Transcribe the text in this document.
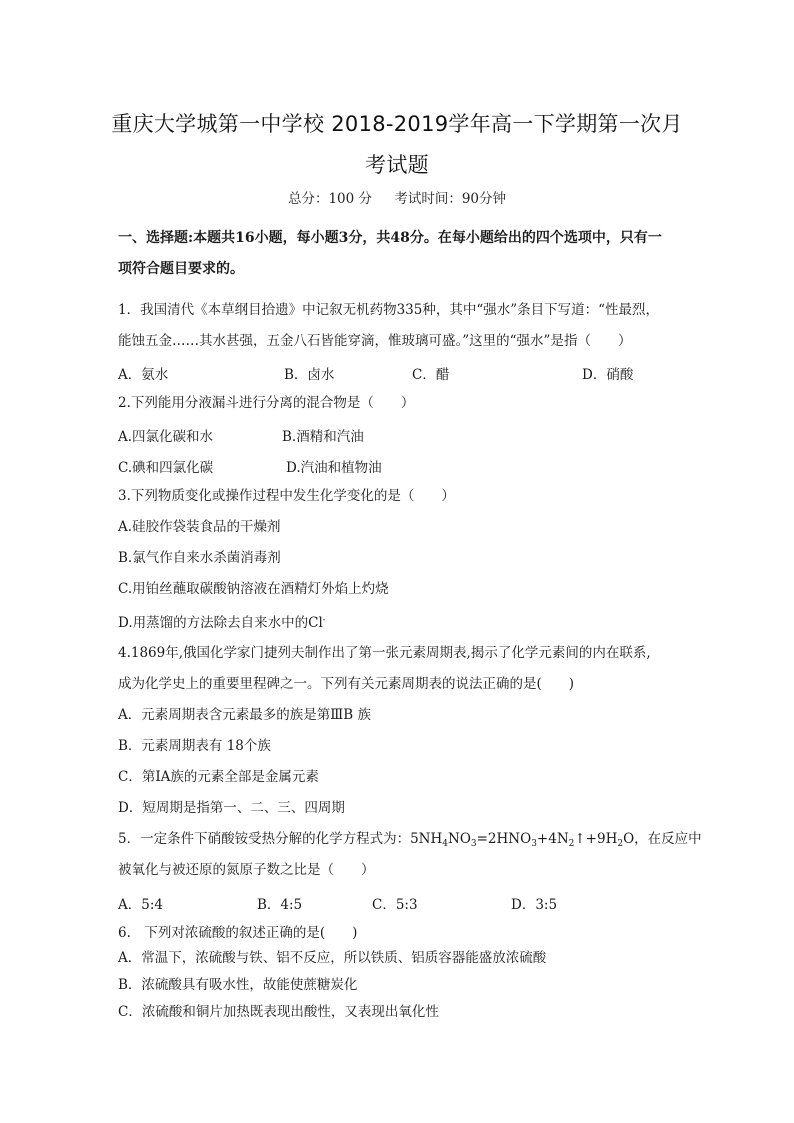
重庆大学城第一中学校 2018-2019学年高一下学期第一次月
考试题
总分：100 分 考试时间：90分钟
一、选择题:本题共16小题，每小题3分，共48分。在每小题给出的四个选项中，只有一
项符合题目要求的。
1．我国清代《本草纲目拾遗》中记叙无机药物335种，其中“强水”条目下写道：“性最烈，
能蚀五金……其水甚强，五金八石皆能穿滴，惟玻璃可盛。”这里的“强水”是指（　　）
A．氨水	B．卤水	C．醋	D．硝酸
2.下列能用分液漏斗进行分离的混合物是（　　）
A.四氯化碳和水	B.酒精和汽油
C.碘和四氯化碳	D.汽油和植物油
3.下列物质变化或操作过程中发生化学变化的是（　　）
A.硅胶作袋装食品的干燥剂
B.氯气作自来水杀菌消毒剂
C.用铂丝蘸取碳酸钠溶液在酒精灯外焰上灼烧
D.用蒸馏的方法除去自来水中的Cl-
4.1869年,俄国化学家门捷列夫制作出了第一张元素周期表,揭示了化学元素间的内在联系,
成为化学史上的重要里程碑之一。下列有关元素周期表的说法正确的是(　　)
A．元素周期表含元素最多的族是第ⅢB 族
B．元素周期表有 18个族
C．第ⅠA族的元素全部是金属元素
D．短周期是指第一、二、三、四周期
5．一定条件下硝酸铵受热分解的化学方程式为：$5NH_4NO_3=2HNO_3+4N_2↑+9H_2O$，在反应中
被氧化与被还原的氮原子数之比是（　　）
A．5:4	B．4:5	C．5:3	D．3:5
6.　下列对浓硫酸的叙述正确的是(　　)
A．常温下，浓硫酸与铁、铝不反应，所以铁质、铝质容器能盛放浓硫酸
B．浓硫酸具有吸水性，故能使蔗糖炭化
C．浓硫酸和铜片加热既表现出酸性，又表现出氧化性
